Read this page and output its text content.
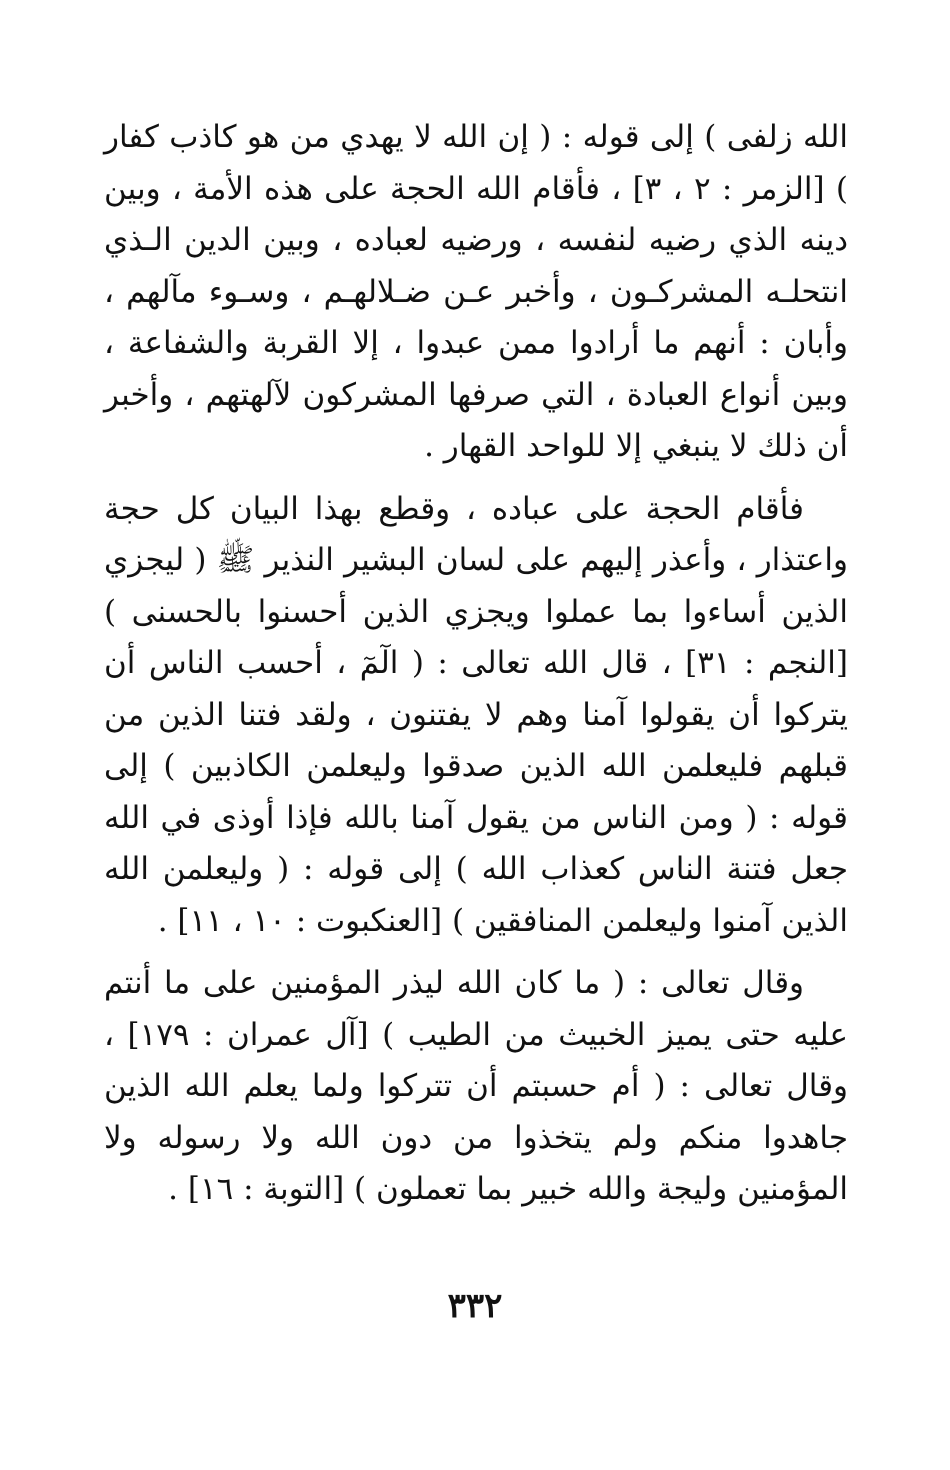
الله زلفى ) إلى قوله : ( إن الله لا يهدي من هو كاذب كفار ) [الزمر : ٢ ، ٣] ، فأقام الله الحجة على هذه الأمة ، وبين دينه الذي رضيه لنفسه ، ورضيه لعباده ، وبين الدين الـذي انتحلـه المشركـون ، وأخبر عـن ضـلالهـم ، وسـوء مآلهم ، وأبان : أنهم ما أرادوا ممن عبدوا ، إلا القربة والشفاعة ، وبين أنواع العبادة ، التي صرفها المشركون لآلهتهم ، وأخبر أن ذلك لا ينبغي إلا للواحد القهار .

فأقام الحجة على عباده ، وقطع بهذا البيان كل حجة واعتذار ، وأعذر إليهم على لسان البشير النذير ﷺ ( ليجزي الذين أساءوا بما عملوا ويجزي الذين أحسنوا بالحسنى ) [النجم : ٣١] ، قال الله تعالى : ( الٓمٓ ، أحسب الناس أن يتركوا أن يقولوا آمنا وهم لا يفتنون ، ولقد فتنا الذين من قبلهم فليعلمن الله الذين صدقوا وليعلمن الكاذبين ) إلى قوله : ( ومن الناس من يقول آمنا بالله فإذا أوذى في الله جعل فتنة الناس كعذاب الله ) إلى قوله : ( وليعلمن الله الذين آمنوا وليعلمن المنافقين ) [العنكبوت : ١٠ ، ١١] .

وقال تعالى : ( ما كان الله ليذر المؤمنين على ما أنتم عليه حتى يميز الخبيث من الطيب ) [آل عمران : ١٧٩] ، وقال تعالى : ( أم حسبتم أن تتركوا ولما يعلم الله الذين جاهدوا منكم ولم يتخذوا من دون الله ولا رسوله ولا المؤمنين وليجة والله خبير بما تعملون ) [التوبة : ١٦] .

٣٣٢
